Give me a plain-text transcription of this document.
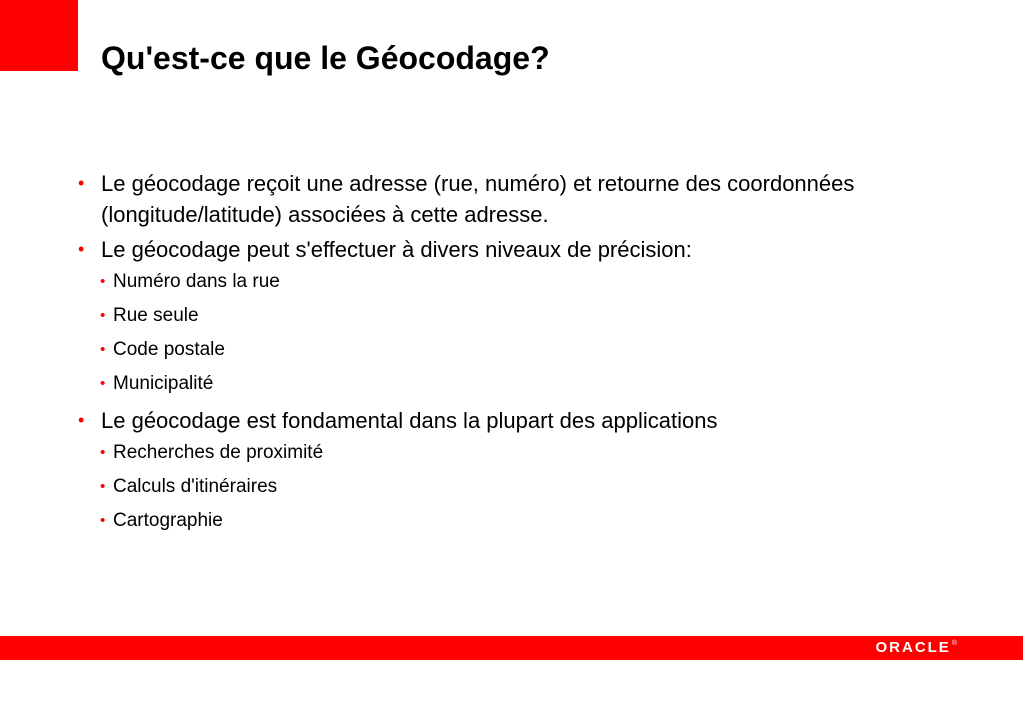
Qu'est-ce que le Géocodage?
• Le géocodage reçoit une adresse (rue, numéro) et retourne des coordonnées (longitude/latitude) associées à cette adresse.
• Le géocodage peut s'effectuer à divers niveaux de précision:
• Numéro dans la rue
• Rue seule
• Code postale
• Municipalité
• Le géocodage est fondamental dans la plupart des applications
• Recherches de proximité
• Calculs d'itinéraires
• Cartographie
ORACLE ®
